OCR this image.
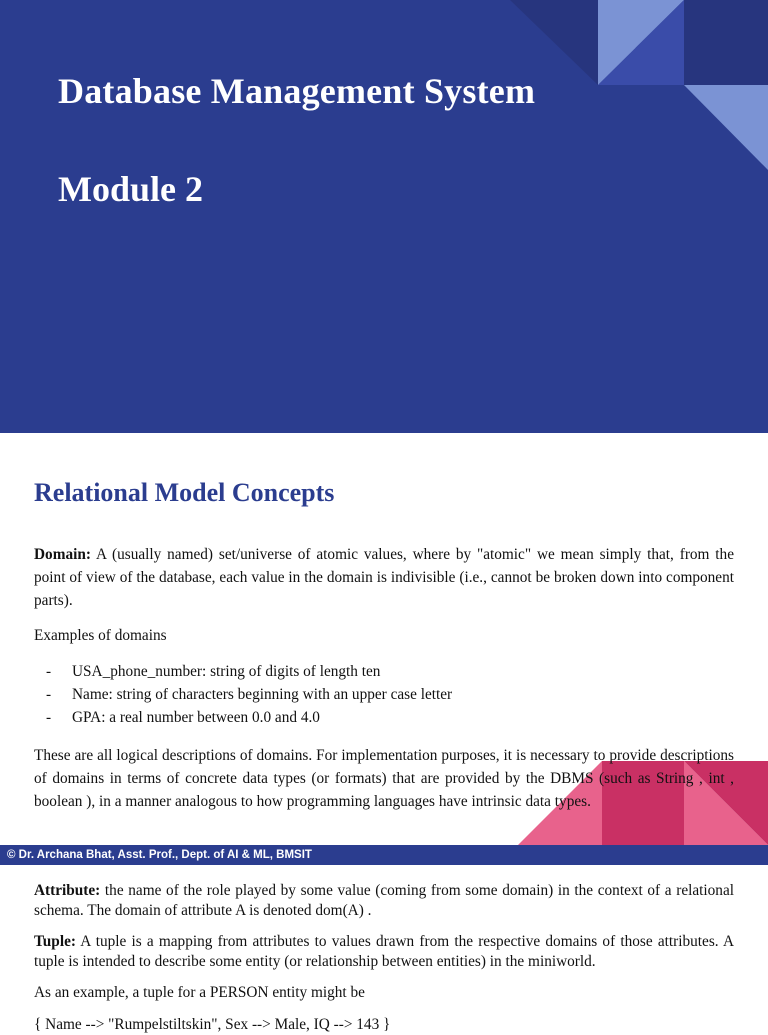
Database Management System
Module 2
Relational Model Concepts

Domain: A (usually named) set/universe of atomic values, where by "atomic" we mean simply that, from the point of view of the database, each value in the domain is indivisible (i.e., cannot be broken down into component parts).

Examples of domains

- USA_phone_number: string of digits of length ten
- Name: string of characters beginning with an upper case letter
- GPA: a real number between 0.0 and 4.0

These are all logical descriptions of domains. For implementation purposes, it is necessary to provide descriptions of domains in terms of concrete data types (or formats) that are provided by the DBMS (such as String , int , boolean ), in a manner analogous to how programming languages have intrinsic data types.

© Dr. Archana Bhat, Asst. Prof., Dept. of AI & ML, BMSIT

Attribute: the name of the role played by some value (coming from some domain) in the context of a relational schema. The domain of attribute A is denoted dom(A) .

Tuple: A tuple is a mapping from attributes to values drawn from the respective domains of those attributes. A tuple is intended to describe some entity (or relationship between entities) in the miniworld.

As an example, a tuple for a PERSON entity might be

{ Name --> "Rumpelstiltskin", Sex --> Male, IQ --> 143 }
